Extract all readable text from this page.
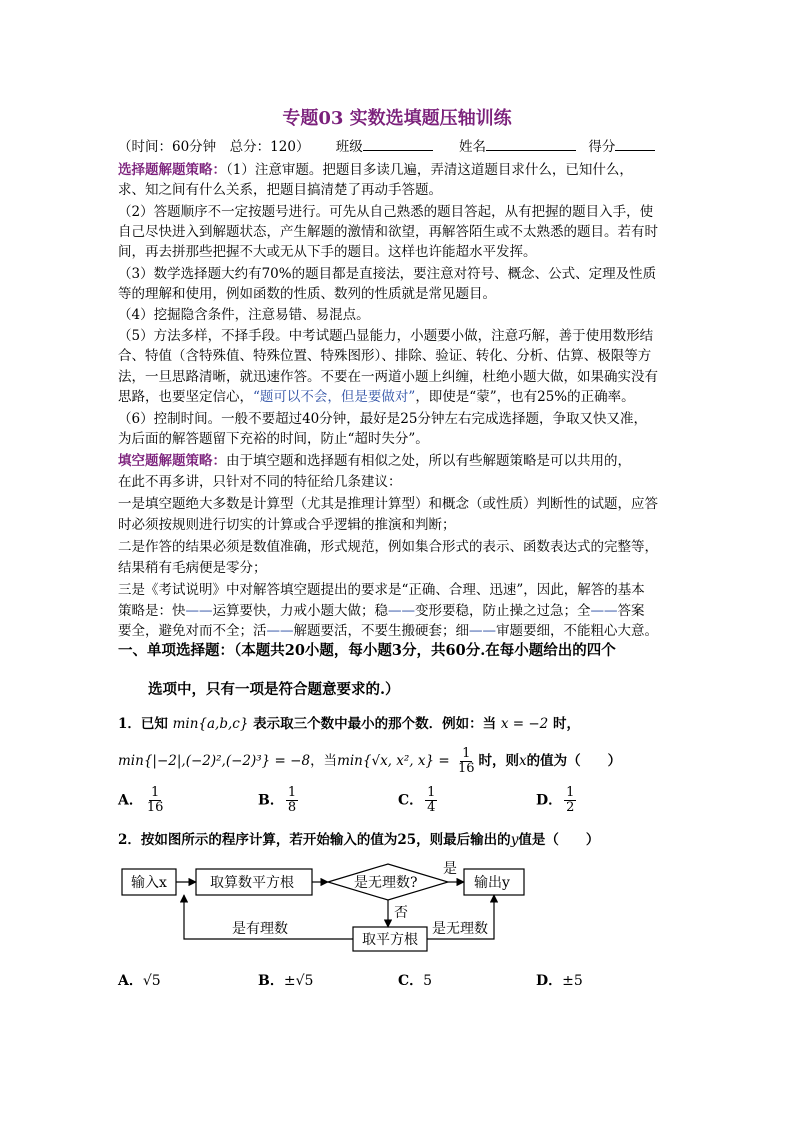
专题03 实数选填题压轴训练
（时间：60分钟　总分：120） 班级	姓名	得分
选择题解题策略：（1）注意审题。把题目多读几遍，弄清这道题目求什么，已知什么，
求、知之间有什么关系，把题目搞清楚了再动手答题。
（2）答题顺序不一定按题号进行。可先从自己熟悉的题目答起，从有把握的题目入手，使
自己尽快进入到解题状态，产生解题的激情和欲望，再解答陌生或不太熟悉的题目。若有时
间，再去拼那些把握不大或无从下手的题目。这样也许能超水平发挥。
（3）数学选择题大约有70%的题目都是直接法，要注意对符号、概念、公式、定理及性质
等的理解和使用，例如函数的性质、数列的性质就是常见题目。
（4）挖掘隐含条件，注意易错、易混点。
（5）方法多样，不择手段。中考试题凸显能力，小题要小做，注意巧解，善于使用数形结
合、特值（含特殊值、特殊位置、特殊图形）、排除、验证、转化、分析、估算、极限等方
法，一旦思路清晰，就迅速作答。不要在一两道小题上纠缠，杜绝小题大做，如果确实没有
思路，也要坚定信心，“题可以不会，但是要做对”，即使是“蒙”，也有25%的正确率。
（6）控制时间。一般不要超过40分钟，最好是25分钟左右完成选择题，争取又快又准，
为后面的解答题留下充裕的时间，防止“超时失分”。
填空题解题策略：由于填空题和选择题有相似之处，所以有些解题策略是可以共用的，
在此不再多讲，只针对不同的特征给几条建议：
一是填空题绝大多数是计算型（尤其是推理计算型）和概念（或性质）判断性的试题，应答
时必须按规则进行切实的计算或合乎逻辑的推演和判断；
二是作答的结果必须是数值准确，形式规范，例如集合形式的表示、函数表达式的完整等，
结果稍有毛病便是零分；
三是《考试说明》中对解答填空题提出的要求是“正确、合理、迅速”，因此，解答的基本
策略是：快——运算要快，力戒小题大做；稳——变形要稳，防止操之过急；全——答案
要全，避免对而不全；活——解题要活，不要生搬硬套；细——审题要细，不能粗心大意。
一、单项选择题：（本题共20小题，每小题3分，共60分.在每小题给出的四个
选项中，只有一项是符合题意要求的.）
1．已知 min{a,b,c} 表示取三个数中最小的那个数．例如：当 x = −2 时，
min{|−2|,(−2)²,(−2)³} = −8，当min{√x, x², $x\} = \frac{1}{16}$ 时，则x的值为（　　）
A． $\frac{1}{16}$	B． $\frac{1}{8}$	C． $\frac{1}{4}$	D． $\frac{1}{2}$
2．按如图所示的程序计算，若开始输入的值为25，则最后输出的y值是（　　）
输入x	取算数平方根	是无理数?	输出y
是
否
取平方根
是有理数	是无理数
A．√5	B．±√5	C．5	D．±5
